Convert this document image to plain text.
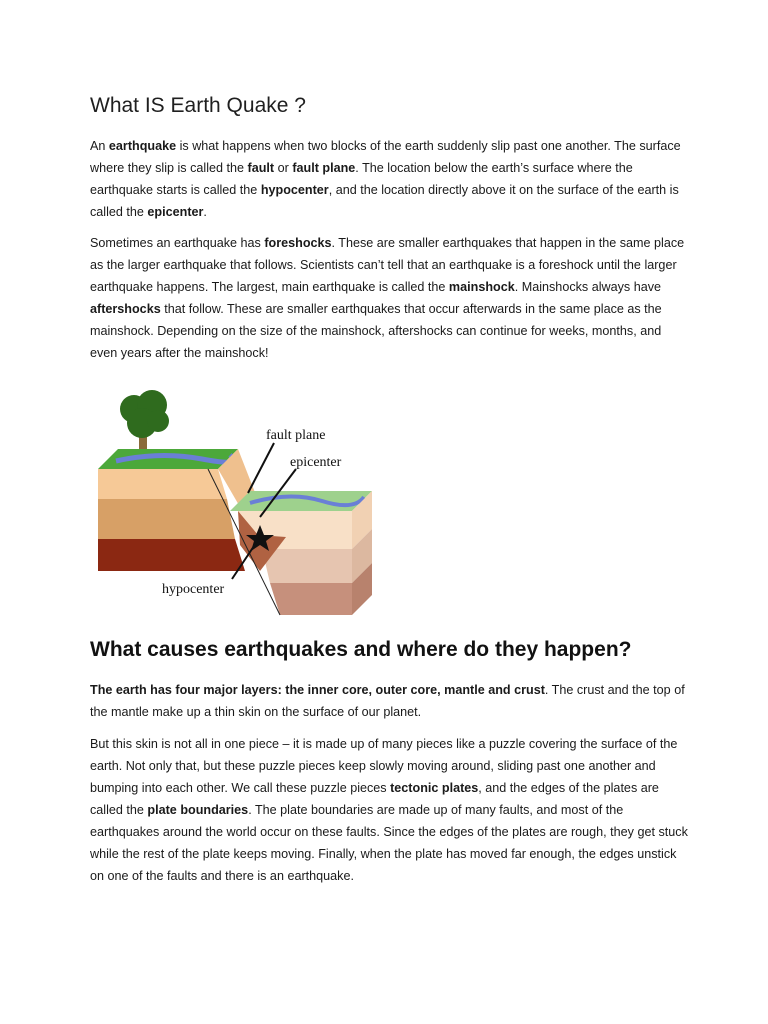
What IS Earth Quake ?

An earthquake is what happens when two blocks of the earth suddenly slip past one another. The surface where they slip is called the fault or fault plane. The location below the earth’s surface where the earthquake starts is called the hypocenter, and the location directly above it on the surface of the earth is called the epicenter.

Sometimes an earthquake has foreshocks. These are smaller earthquakes that happen in the same place as the larger earthquake that follows. Scientists can’t tell that an earthquake is a foreshock until the larger earthquake happens. The largest, main earthquake is called the mainshock. Mainshocks always have aftershocks that follow. These are smaller earthquakes that occur afterwards in the same place as the mainshock. Depending on the size of the mainshock, aftershocks can continue for weeks, months, and even years after the mainshock!

fault plane
epicenter
hypocenter
What causes earthquakes and where do they happen?

The earth has four major layers: the inner core, outer core, mantle and crust. The crust and the top of the mantle make up a thin skin on the surface of our planet.

But this skin is not all in one piece – it is made up of many pieces like a puzzle covering the surface of the earth. Not only that, but these puzzle pieces keep slowly moving around, sliding past one another and bumping into each other. We call these puzzle pieces tectonic plates, and the edges of the plates are called the plate boundaries. The plate boundaries are made up of many faults, and most of the earthquakes around the world occur on these faults. Since the edges of the plates are rough, they get stuck while the rest of the plate keeps moving. Finally, when the plate has moved far enough, the edges unstick on one of the faults and there is an earthquake.
